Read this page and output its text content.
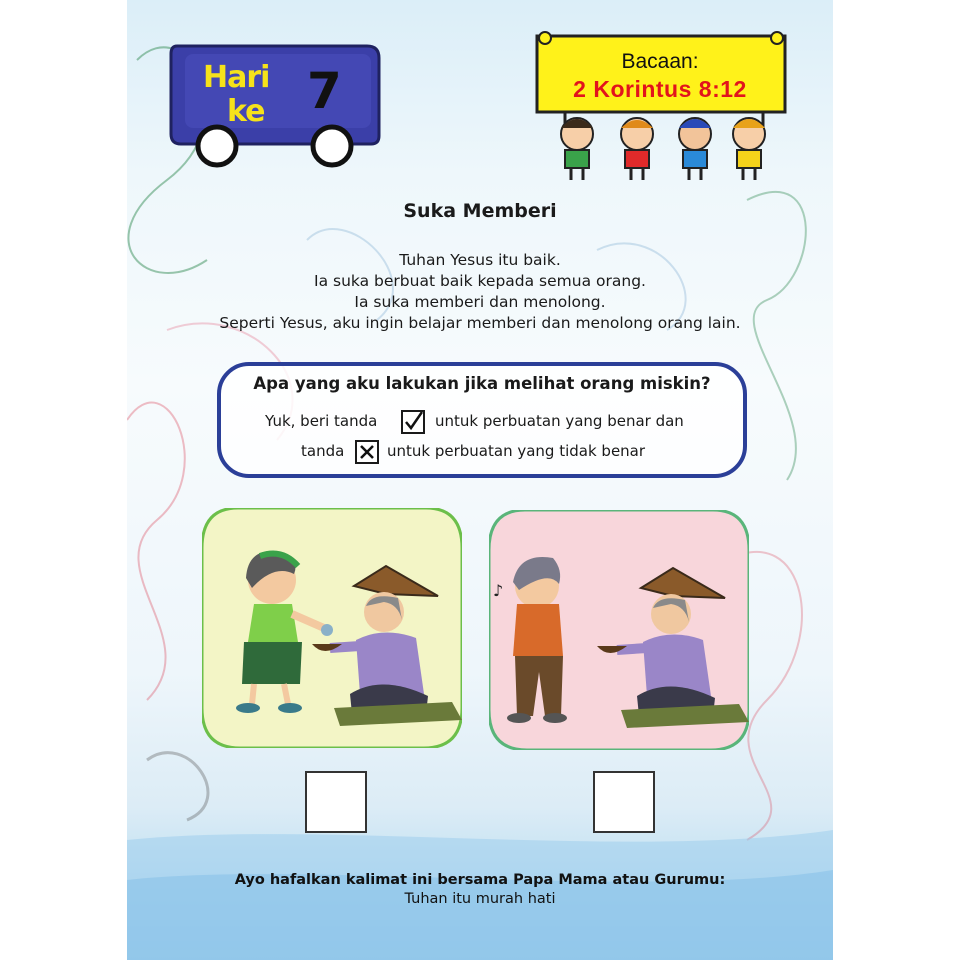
Hari
ke 7
Bacaan:
2 Korintus 8:12
Suka Memberi
Tuhan Yesus itu baik.
Ia suka berbuat baik kepada semua orang.
Ia suka memberi dan menolong.
Seperti Yesus, aku ingin belajar memberi dan menolong orang lain.
Apa yang aku lakukan jika melihat orang miskin?
Yuk, beri tanda	untuk perbuatan yang benar dan
tanda	untuk perbuatan yang tidak benar
♪
Ayo hafalkan kalimat ini bersama Papa Mama atau Gurumu:
Tuhan itu murah hati
